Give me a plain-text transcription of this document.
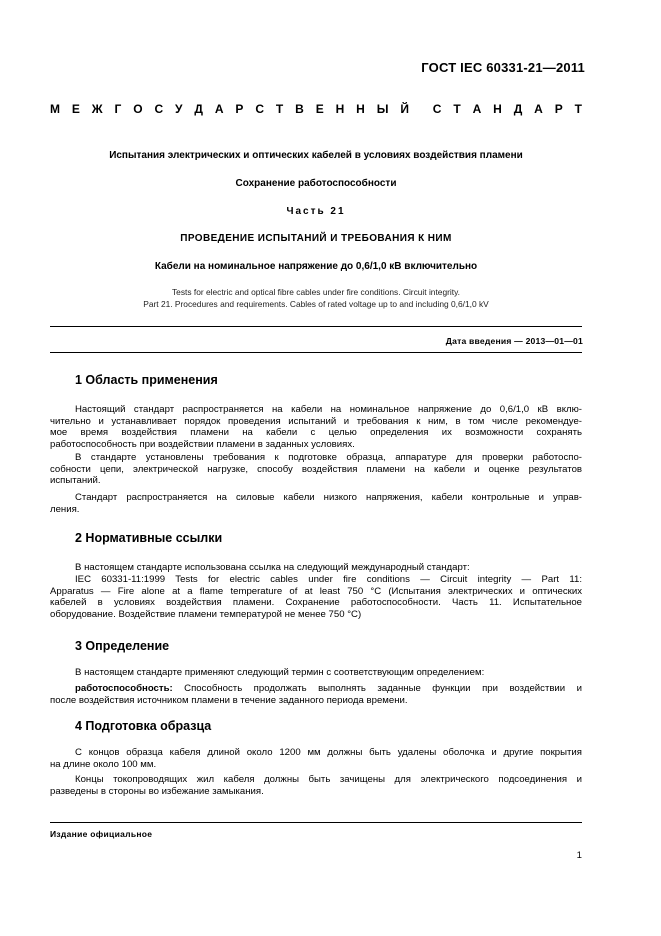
ГОСТ IEC 60331-21—2011
М Е Ж Г О С У Д А Р С Т В Е Н Н Ы Й С Т А Н Д А Р Т
Испытания электрических и оптических кабелей в условиях воздействия пламени
Сохранение работоспособности
Часть 21
ПРОВЕДЕНИЕ ИСПЫТАНИЙ И ТРЕБОВАНИЯ К НИМ
Кабели на номинальное напряжение до 0,6/1,0 кВ включительно
Tests for electric and optical fibre cables under fire conditions. Circuit integrity.
Part 21. Procedures and requirements. Cables of rated voltage up to and including 0,6/1,0 kV
Дата введения — 2013—01—01
1 Область применения
Настоящий стандарт распространяется на кабели на номинальное напряжение до 0,6/1,0 кВ вклю-
чительно и устанавливает порядок проведения испытаний и требования к ним, в том числе рекомендуе-
мое время воздействия пламени на кабели с целью определения их возможности сохранять
работоспособность при воздействии пламени в заданных условиях.
В стандарте установлены требования к подготовке образца, аппаратуре для проверки работоспо-
собности цепи, электрической нагрузке, способу воздействия пламени на кабели и оценке результатов
испытаний.
Стандарт распространяется на силовые кабели низкого напряжения, кабели контрольные и управ-
ления.
2 Нормативные ссылки
В настоящем стандарте использована ссылка на следующий международный стандарт:
IEC 60331-11:1999 Tests for electric cables under fire conditions — Circuit integrity — Part 11:
Apparatus — Fire alone at a flame temperature of at least 750 °C (Испытания электрических и оптических
кабелей в условиях воздействия пламени. Сохранение работоспособности. Часть 11. Испытательное
оборудование. Воздействие пламени температурой не менее 750 °C)
3 Определение
В настоящем стандарте применяют следующий термин с соответствующим определением:
работоспособность: Способность продолжать выполнять заданные функции при воздействии и
после воздействия источником пламени в течение заданного периода времени.
4 Подготовка образца
С концов образца кабеля длиной около 1200 мм должны быть удалены оболочка и другие покрытия
на длине около 100 мм.
Концы токопроводящих жил кабеля должны быть зачищены для электрического подсоединения и
разведены в стороны во избежание замыкания.
Издание официальное
1
